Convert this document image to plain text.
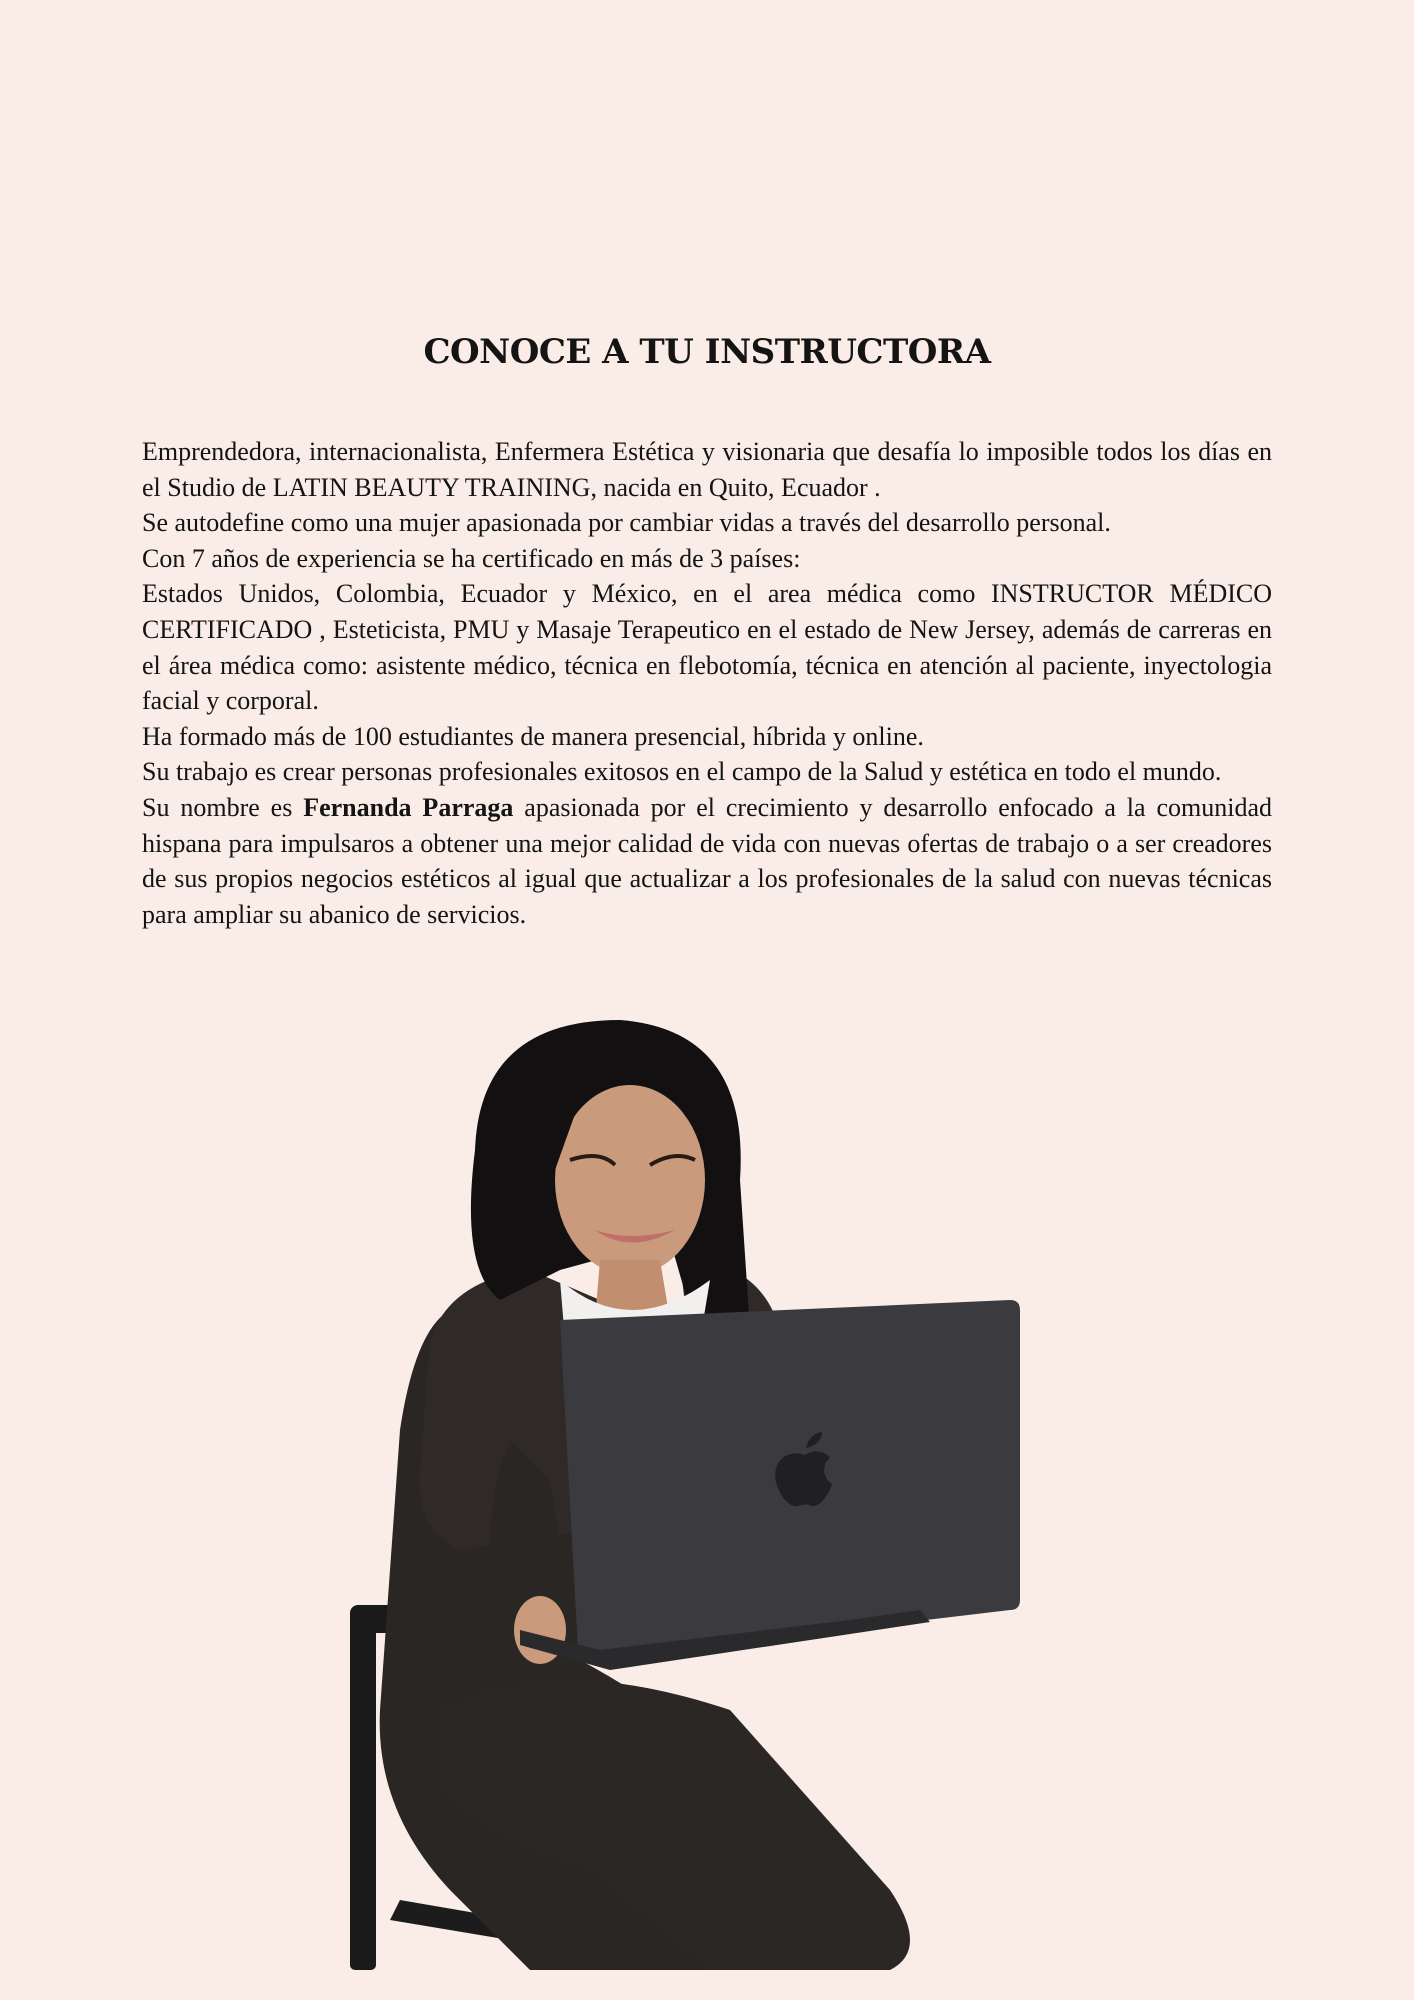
CONOCE A TU INSTRUCTORA

Emprendedora, internacionalista, Enfermera Estética y visionaria que desafía lo imposible todos los días en el Studio de LATIN BEAUTY TRAINING, nacida en Quito, Ecuador .

Se autodefine como una mujer apasionada por cambiar vidas a través del desarrollo personal.

Con 7 años de experiencia se ha certificado en más de 3 países:

Estados Unidos, Colombia, Ecuador y México, en el area médica como INSTRUCTOR MÉDICO CERTIFICADO , Esteticista, PMU y Masaje Terapeutico en el estado de New Jersey, además de carreras en el área médica como: asistente médico, técnica en flebotomía, técnica en atención al paciente, inyectologia facial y corporal.

Ha formado más de 100 estudiantes de manera presencial, híbrida y online.

Su trabajo es crear personas profesionales exitosos en el campo de la Salud y estética en todo el mundo.

Su nombre es Fernanda Parraga apasionada por el crecimiento y desarrollo enfocado a la comunidad hispana para impulsaros a obtener una mejor calidad de vida con nuevas ofertas de trabajo o a ser creadores de sus propios negocios estéticos al igual que actualizar a los profesionales de la salud con nuevas técnicas para ampliar su abanico de servicios.
